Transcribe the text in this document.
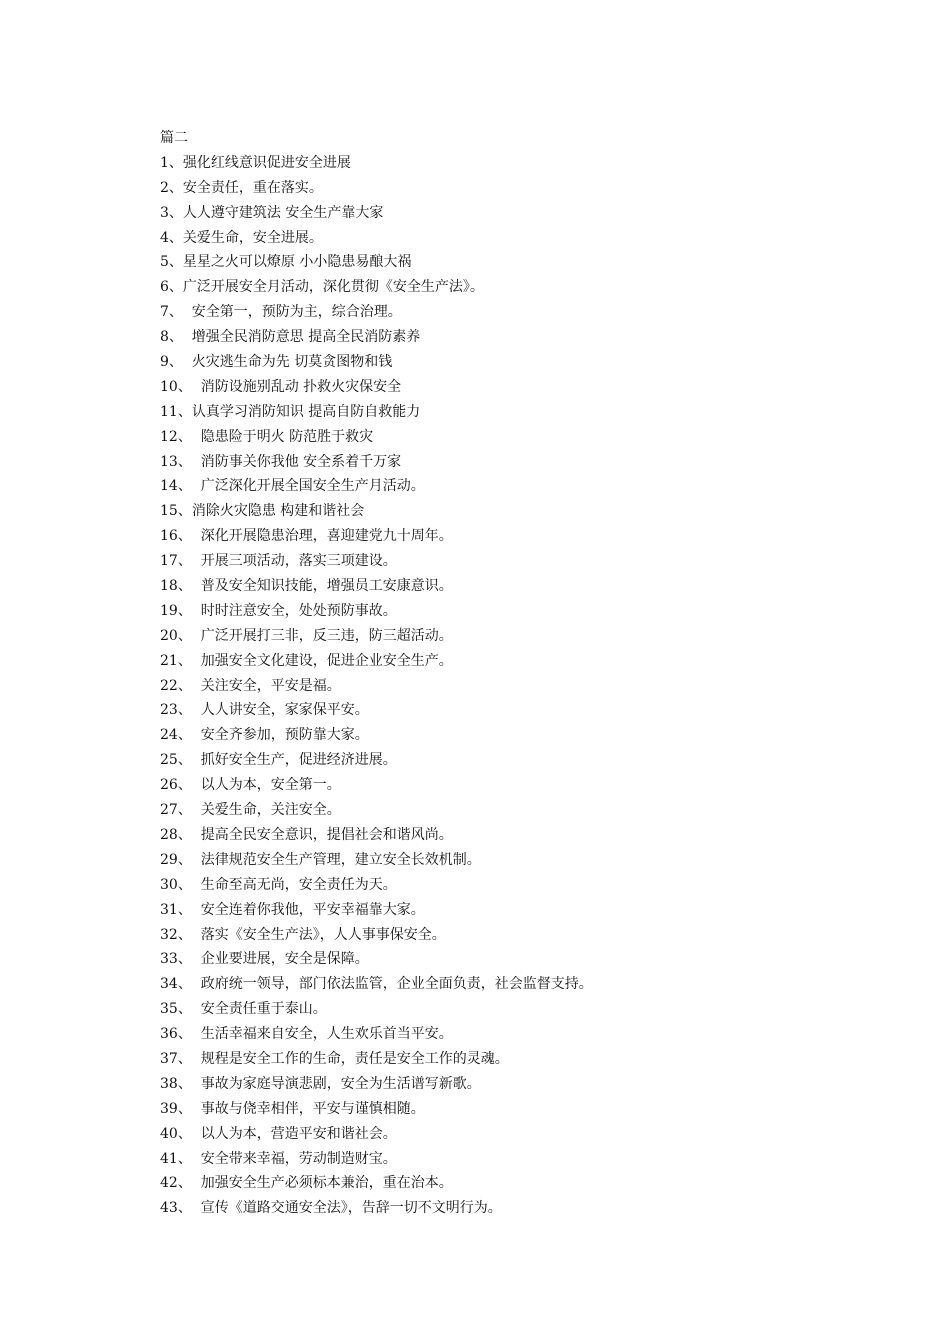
篇二
1、强化红线意识促进安全进展
2、安全责任，重在落实。
3、人人遵守建筑法 安全生产靠大家
4、关爱生命，安全进展。
5、星星之火可以燎原 小小隐患易酿大祸
6、广泛开展安全月活动，深化贯彻《安全生产法》。
7、  安全第一，预防为主，综合治理。
8、  增强全民消防意思 提高全民消防素养
9、  火灾逃生命为先 切莫贪图物和钱
10、  消防设施别乱动 扑救火灾保安全
11、认真学习消防知识 提高自防自救能力
12、  隐患险于明火 防范胜于救灾
13、  消防事关你我他 安全系着千万家
14、  广泛深化开展全国安全生产月活动。
15、消除火灾隐患 构建和谐社会
16、  深化开展隐患治理，喜迎建党九十周年。
17、  开展三项活动，落实三项建设。
18、  普及安全知识技能，增强员工安康意识。
19、  时时注意安全，处处预防事故。
20、  广泛开展打三非，反三违，防三超活动。
21、  加强安全文化建设，促进企业安全生产。
22、  关注安全，平安是福。
23、  人人讲安全，家家保平安。
24、  安全齐参加，预防靠大家。
25、  抓好安全生产，促进经济进展。
26、  以人为本，安全第一。
27、  关爱生命，关注安全。
28、  提高全民安全意识，提倡社会和谐风尚。
29、  法律规范安全生产管理，建立安全长效机制。
30、  生命至高无尚，安全责任为天。
31、  安全连着你我他，平安幸福靠大家。
32、  落实《安全生产法》，人人事事保安全。
33、  企业要进展，安全是保障。
34、  政府统一领导，部门依法监管，企业全面负责，社会监督支持。
35、  安全责任重于泰山。
36、  生活幸福来自安全，人生欢乐首当平安。
37、  规程是安全工作的生命，责任是安全工作的灵魂。
38、  事故为家庭导演悲剧，安全为生活谱写新歌。
39、  事故与侥幸相伴，平安与谨慎相随。
40、  以人为本，营造平安和谐社会。
41、  安全带来幸福，劳动制造财宝。
42、  加强安全生产必须标本兼治，重在治本。
43、  宣传《道路交通安全法》，告辞一切不文明行为。
